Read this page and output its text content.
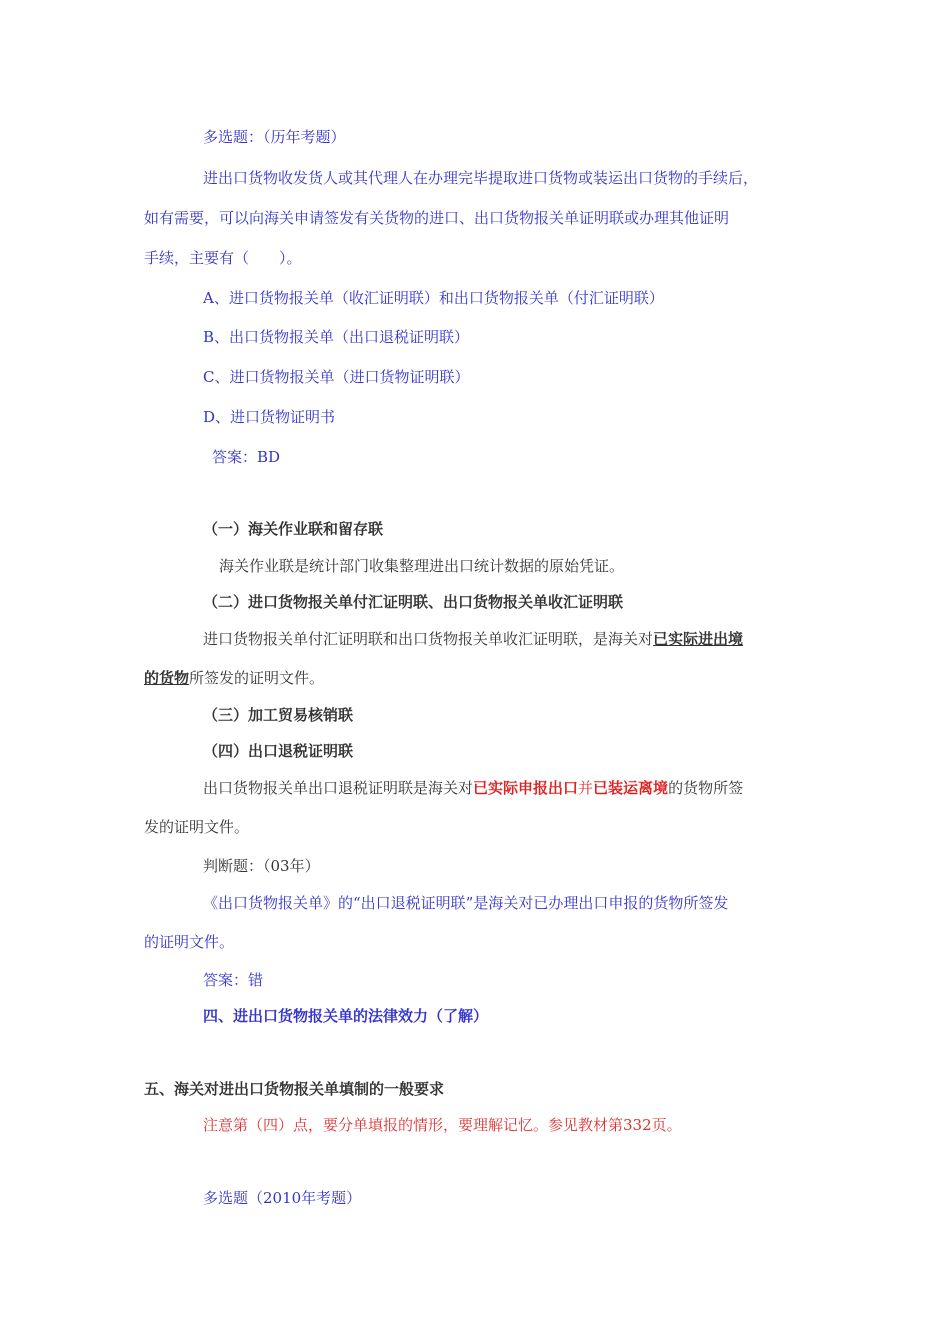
多选题：（历年考题）
进出口货物收发货人或其代理人在办理完毕提取进口货物或装运出口货物的手续后，
如有需要，可以向海关申请签发有关货物的进口、出口货物报关单证明联或办理其他证明
手续，主要有（　　）。
A、进口货物报关单（收汇证明联）和出口货物报关单（付汇证明联）
B、出口货物报关单（出口退税证明联）
C、进口货物报关单（进口货物证明联）
D、进口货物证明书
答案：BD
（一）海关作业联和留存联
海关作业联是统计部门收集整理进出口统计数据的原始凭证。
（二）进口货物报关单付汇证明联、出口货物报关单收汇证明联
进口货物报关单付汇证明联和出口货物报关单收汇证明联，是海关对已实际进出境
的货物所签发的证明文件。
（三）加工贸易核销联
（四）出口退税证明联
出口货物报关单出口退税证明联是海关对已实际申报出口并已装运离境的货物所签
发的证明文件。
判断题：（03年）
《出口货物报关单》的“出口退税证明联”是海关对已办理出口申报的货物所签发
的证明文件。
答案：错
四、进出口货物报关单的法律效力（了解）
五、海关对进出口货物报关单填制的一般要求
注意第（四）点，要分单填报的情形，要理解记忆。参见教材第332页。
多选题（2010年考题）
